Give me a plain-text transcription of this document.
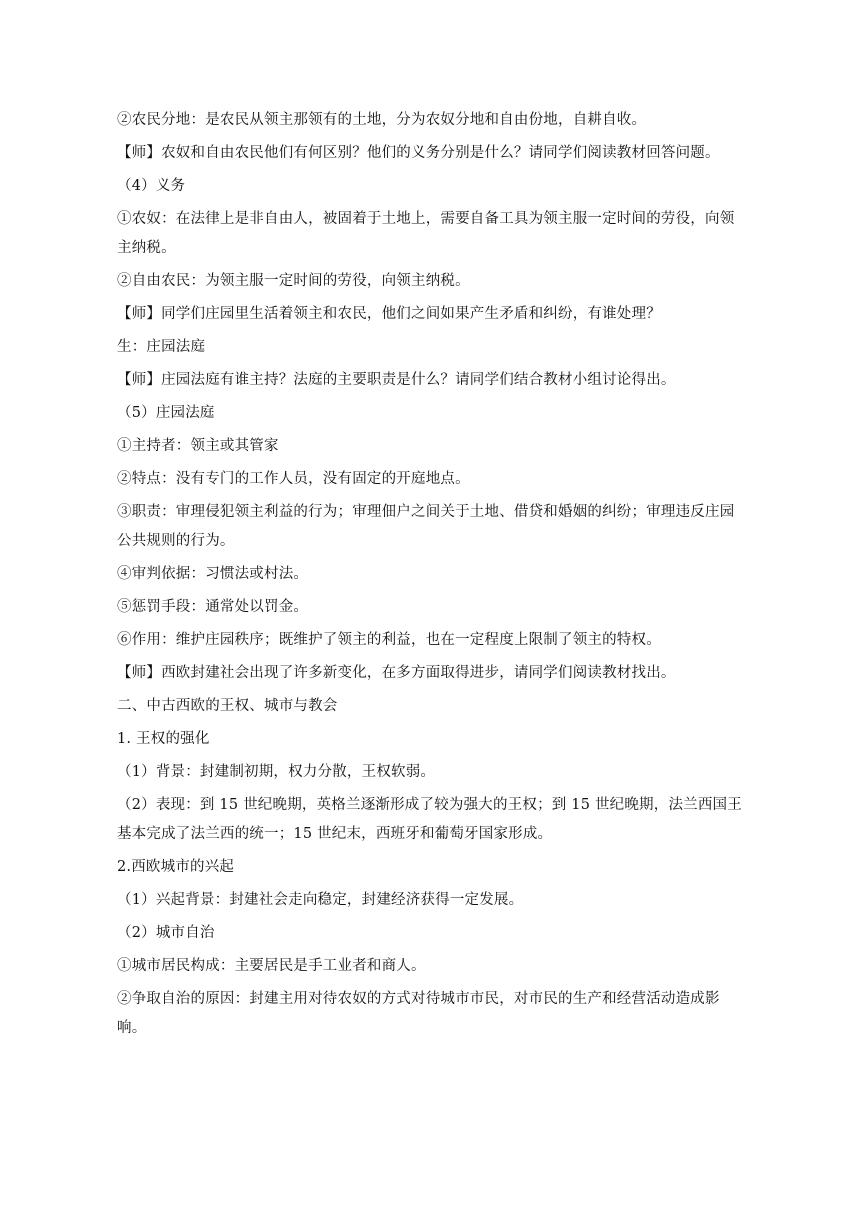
②农民分地：是农民从领主那领有的土地，分为农奴分地和自由份地，自耕自收。

【师】农奴和自由农民他们有何区别？他们的义务分别是什么？请同学们阅读教材回答问题。

（4）义务

①农奴：在法律上是非自由人，被固着于土地上，需要自备工具为领主服一定时间的劳役，向领主纳税。

②自由农民：为领主服一定时间的劳役，向领主纳税。

【师】同学们庄园里生活着领主和农民，他们之间如果产生矛盾和纠纷，有谁处理？

生：庄园法庭

【师】庄园法庭有谁主持？法庭的主要职责是什么？请同学们结合教材小组讨论得出。

（5）庄园法庭

①主持者：领主或其管家

②特点：没有专门的工作人员，没有固定的开庭地点。

③职责：审理侵犯领主利益的行为；审理佃户之间关于土地、借贷和婚姻的纠纷；审理违反庄园公共规则的行为。

④审判依据：习惯法或村法。

⑤惩罚手段：通常处以罚金。

⑥作用：维护庄园秩序；既维护了领主的利益，也在一定程度上限制了领主的特权。

【师】西欧封建社会出现了许多新变化，在多方面取得进步，请同学们阅读教材找出。

二、中古西欧的王权、城市与教会

1. 王权的强化

（1）背景：封建制初期，权力分散，王权软弱。

（2）表现：到 15 世纪晚期，英格兰逐渐形成了较为强大的王权；到 15 世纪晚期，法兰西国王基本完成了法兰西的统一；15 世纪末，西班牙和葡萄牙国家形成。

2.西欧城市的兴起

（1）兴起背景：封建社会走向稳定，封建经济获得一定发展。

（2）城市自治

①城市居民构成：主要居民是手工业者和商人。

②争取自治的原因：封建主用对待农奴的方式对待城市市民，对市民的生产和经营活动造成影响。
